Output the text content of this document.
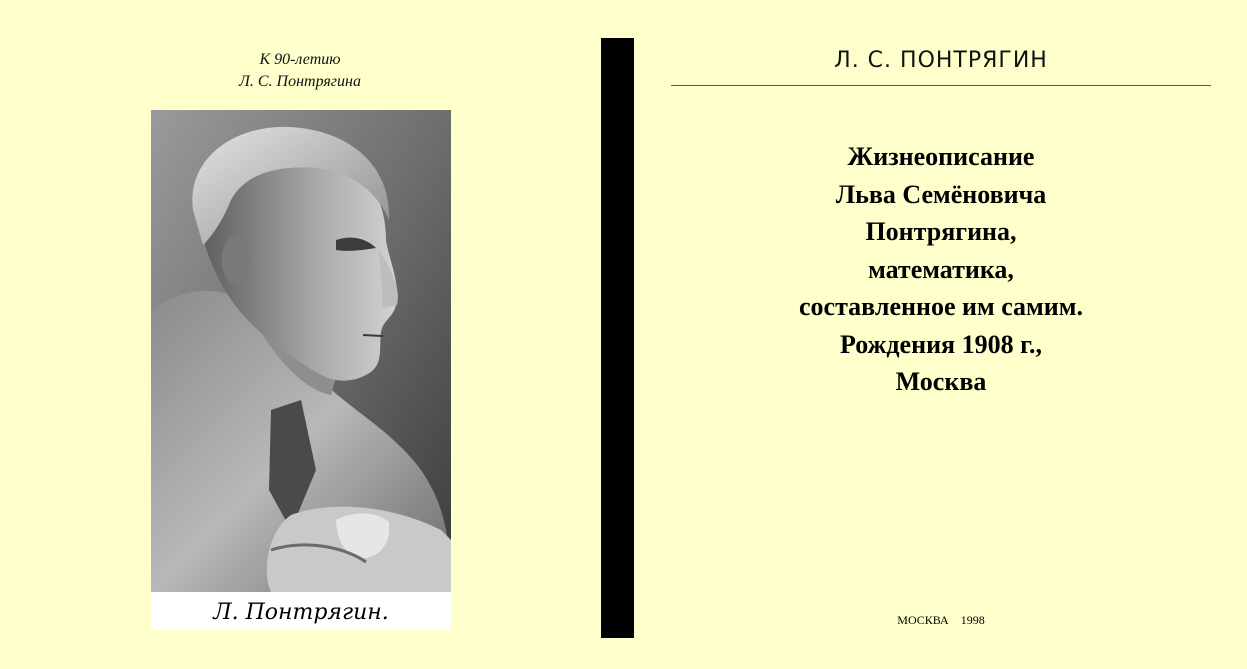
К 90-летию
Л. С. Понтрягина
Л. Понтрягин.
Л. С. ПОНТРЯГИН
Жизнеописание
Льва Семёновича
Понтрягина,
математика,
составленное им самим.
Рождения 1908 г.,
Москва
МОСКВА 1998
